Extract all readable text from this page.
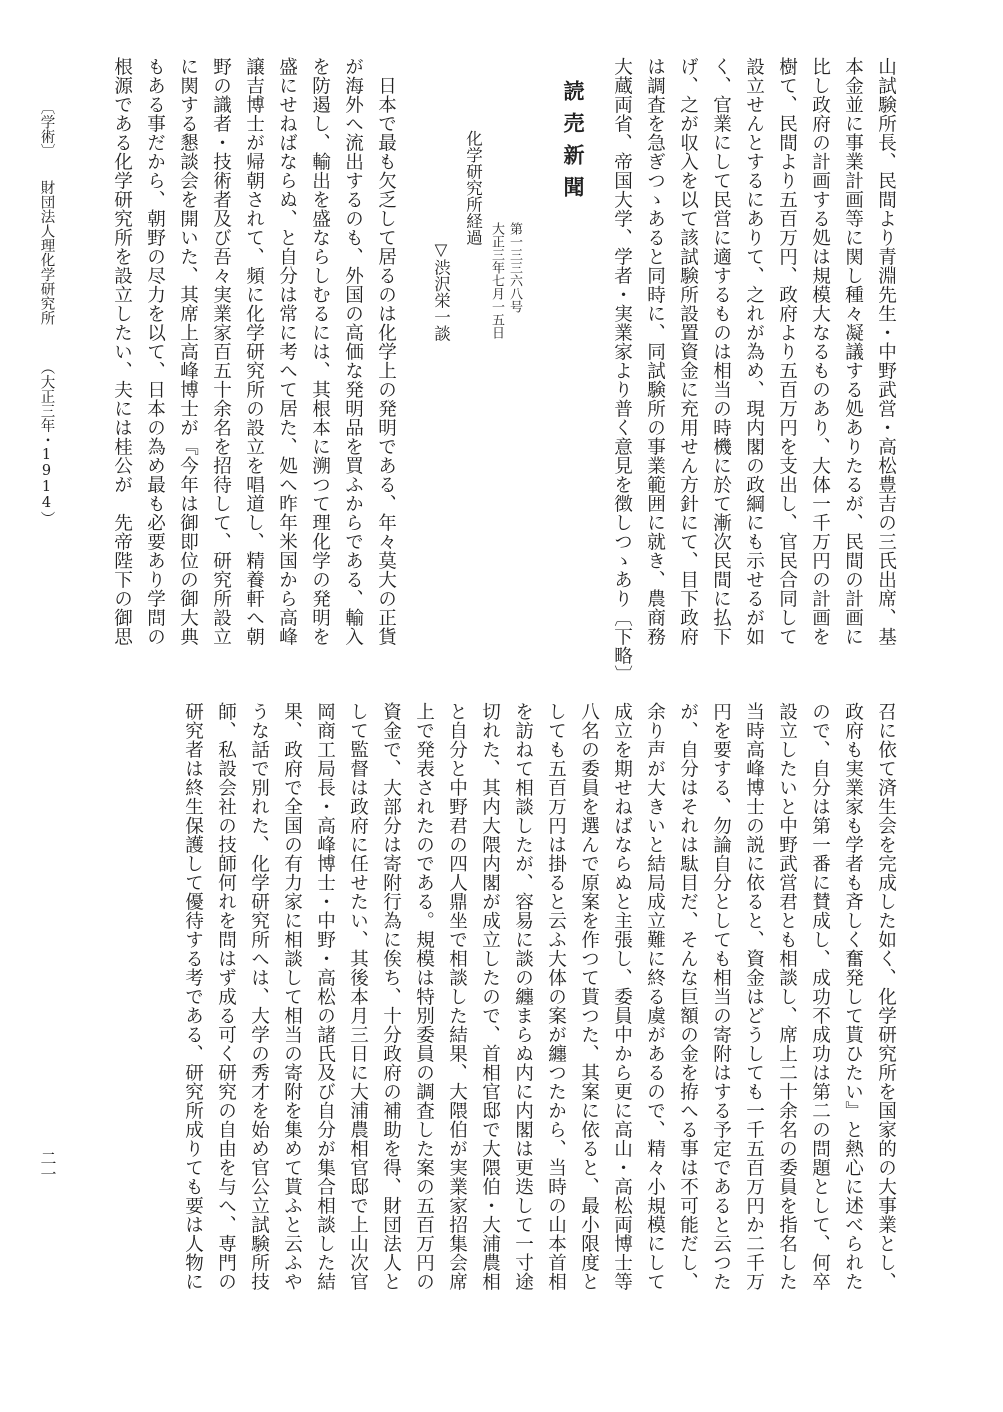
山試験所長、民間より青淵先生・中野武営・高松豊吉の三氏出席、基
本金並に事業計画等に関し種々凝議する処ありたるが、民間の計画に
比し政府の計画する処は規模大なるものあり、大体一千万円の計画を
樹て、民間より五百万円、政府より五百万円を支出し、官民合同して
設立せんとするにありて、之れが為め、現内閣の政綱にも示せるが如
く、官業にして民営に適するものは相当の時機に於て漸次民間に払下
げ、之が収入を以て該試験所設置資金に充用せん方針にて、目下政府
は調査を急ぎつゝあると同時に、同試験所の事業範囲に就き、農商務
大蔵両省、帝国大学、学者・実業家より普く意見を徴しつゝあり〔下略〕
読売新聞
第一三三六八号
大正三年七月一五日
化学研究所経過
▽渋沢栄一談
日本で最も欠乏して居るのは化学上の発明である、年々莫大の正貨
が海外へ流出するのも、外国の高価な発明品を買ふからである、輸入
を防遏し、輸出を盛ならしむるには、其根本に溯つて理化学の発明を
盛にせねばならぬ、と自分は常に考へて居た、処へ昨年米国から高峰
譲吉博士が帰朝されて、頻に化学研究所の設立を唱道し、精養軒へ朝
野の識者・技術者及び吾々実業家百五十余名を招待して、研究所設立
に関する懇談会を開いた、其席上高峰博士が『今年は御即位の御大典
もある事だから、朝野の尽力を以て、日本の為め最も必要あり学問の
根源である化学研究所を設立したい、夫には桂公が　先帝陛下の御思
召に依て済生会を完成した如く、化学研究所を国家的の大事業とし、
政府も実業家も学者も斉しく奮発して貰ひたい』と熱心に述べられた
ので、自分は第一番に賛成し、成功不成功は第二の問題として、何卒
設立したいと中野武営君とも相談し、席上二十余名の委員を指名した
当時高峰博士の説に依ると、資金はどうしても一千五百万円か二千万
円を要する、勿論自分としても相当の寄附はする予定であると云つた
が、自分はそれは駄目だ、そんな巨額の金を拵へる事は不可能だし、
余り声が大きいと結局成立難に終る虞があるので、精々小規模にして
成立を期せねばならぬと主張し、委員中から更に高山・高松両博士等
八名の委員を選んで原案を作つて貰つた、其案に依ると、最小限度と
しても五百万円は掛ると云ふ大体の案が纏つたから、当時の山本首相
を訪ねて相談したが、容易に談の纏まらぬ内に内閣は更迭して一寸途
切れた、其内大隈内閣が成立したので、首相官邸で大隈伯・大浦農相
と自分と中野君の四人鼎坐で相談した結果、大隈伯が実業家招集会席
上で発表されたのである。規模は特別委員の調査した案の五百万円の
資金で、大部分は寄附行為に俟ち、十分政府の補助を得、財団法人と
して監督は政府に任せたい、其後本月三日に大浦農相官邸で上山次官
岡商工局長・高峰博士・中野・高松の諸氏及び自分が集合相談した結
果、政府で全国の有力家に相談して相当の寄附を集めて貰ふと云ふや
うな話で別れた、化学研究所へは、大学の秀才を始め官公立試験所技
師、私設会社の技師何れを問はず成る可く研究の自由を与へ、専門の
研究者は終生保護して優待する考である、研究所成りても要は人物に
〔学術〕
財団法人理化学研究所
（大正三年・1914）
二一
